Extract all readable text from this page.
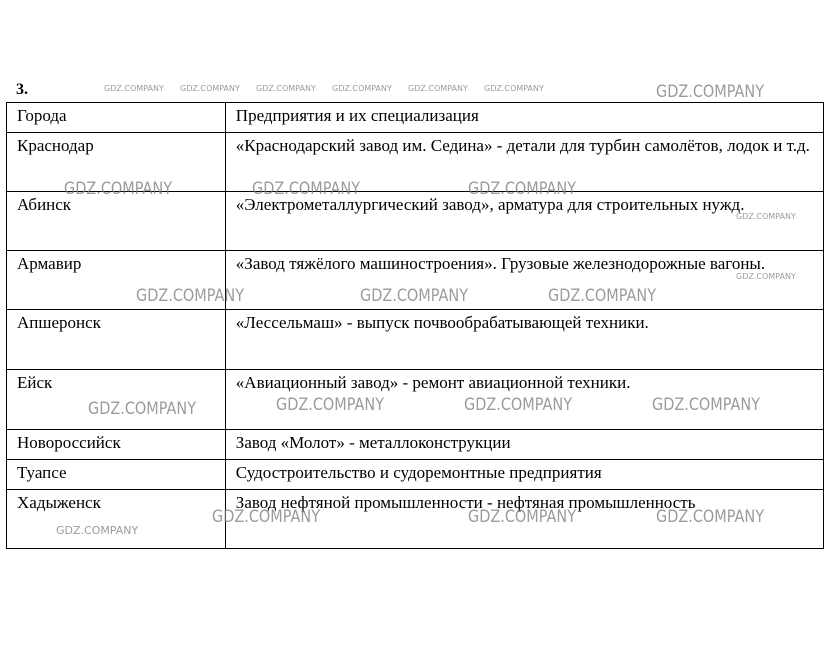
3.
Города	Предприятия и их специализация
Краснодар	«Краснодарский завод им. Седина» - детали для турбин самолётов, лодок и т.д.
Абинск	«Электрометаллургический завод», арматура для строительных нужд.
Армавир	«Завод тяжёлого машиностроения». Грузовые железнодорожные вагоны.
Апшеронск	«Лессельмаш» - выпуск почвообрабатывающей техники.
Ейск	«Авиационный завод» - ремонт авиационной техники.
Новороссийск	Завод «Молот» - металлоконструкции
Туапсе	Судостроительство и судоремонтные предприятия
Хадыженск	Завод нефтяной промышленности - нефтяная промышленность
GDZ.COMPANY GDZ.COMPANY GDZ.COMPANY GDZ.COMPANY GDZ.COMPANY GDZ.COMPANY	GDZ.COMPANY
GDZ.COMPANY	GDZ.COMPANY	GDZ.COMPANY
GDZ.COMPANY
GDZ.COMPANY
GDZ.COMPANY	GDZ.COMPANY	GDZ.COMPANY
GDZ.COMPANY	GDZ.COMPANY	GDZ.COMPANY	GDZ.COMPANY
GDZ.COMPANY	GDZ.COMPANY	GDZ.COMPANY
GDZ.COMPANY
